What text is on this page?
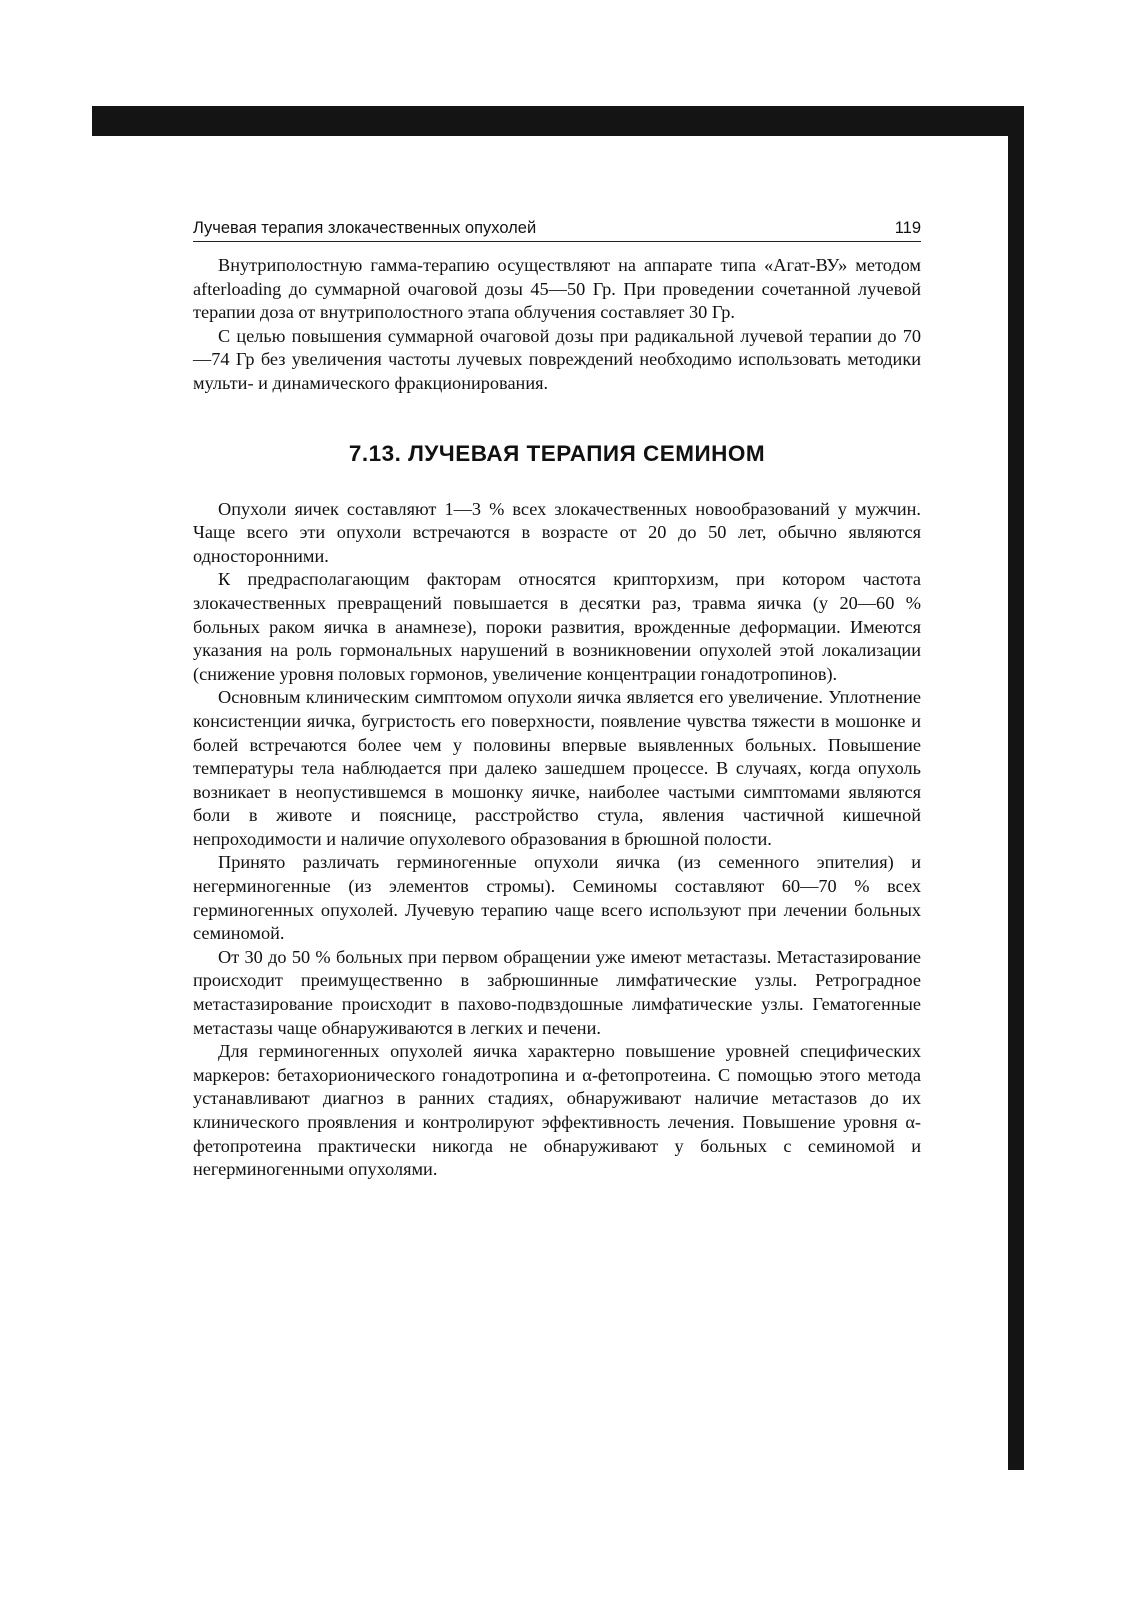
Лучевая терапия злокачественных опухолей	119

Внутриполостную гамма-терапию осуществляют на аппарате типа «Агат-ВУ» методом afterloading до суммарной очаговой дозы 45—50 Гр. При проведении сочетанной лучевой терапии доза от внутриполостного этапа облучения составляет 30 Гр.

С целью повышения суммарной очаговой дозы при радикальной лучевой терапии до 70—74 Гр без увеличения частоты лучевых повреждений необходимо использовать методики мульти- и динамического фракционирования.

7.13. ЛУЧЕВАЯ ТЕРАПИЯ СЕМИНОМ

Опухоли яичек составляют 1—3 % всех злокачественных новообразований у мужчин. Чаще всего эти опухоли встречаются в возрасте от 20 до 50 лет, обычно являются односторонними.

К предрасполагающим факторам относятся крипторхизм, при котором частота злокачественных превращений повышается в десятки раз, травма яичка (у 20—60 % больных раком яичка в анамнезе), пороки развития, врожденные деформации. Имеются указания на роль гормональных нарушений в возникновении опухолей этой локализации (снижение уровня половых гормонов, увеличение концентрации гонадотропинов).

Основным клиническим симптомом опухоли яичка является его увеличение. Уплотнение консистенции яичка, бугристость его поверхности, появление чувства тяжести в мошонке и болей встречаются более чем у половины впервые выявленных больных. Повышение температуры тела наблюдается при далеко зашедшем процессе. В случаях, когда опухоль возникает в неопустившемся в мошонку яичке, наиболее частыми симптомами являются боли в животе и пояснице, расстройство стула, явления частичной кишечной непроходимости и наличие опухолевого образования в брюшной полости.

Принято различать герминогенные опухоли яичка (из семенного эпителия) и негерминогенные (из элементов стромы). Семиномы составляют 60—70 % всех герминогенных опухолей. Лучевую терапию чаще всего используют при лечении больных семиномой.

От 30 до 50 % больных при первом обращении уже имеют метастазы. Метастазирование происходит преимущественно в забрюшинные лимфатические узлы. Ретроградное метастазирование происходит в пахово-подвздошные лимфатические узлы. Гематогенные метастазы чаще обнаруживаются в легких и печени.

Для герминогенных опухолей яичка характерно повышение уровней специфических маркеров: бетахорионического гонадотропина и α-фетопротеина. С помощью этого метода устанавливают диагноз в ранних стадиях, обнаруживают наличие метастазов до их клинического проявления и контролируют эффективность лечения. Повышение уровня α-фетопротеина практически никогда не обнаруживают у больных с семиномой и негерминогенными опухолями.
